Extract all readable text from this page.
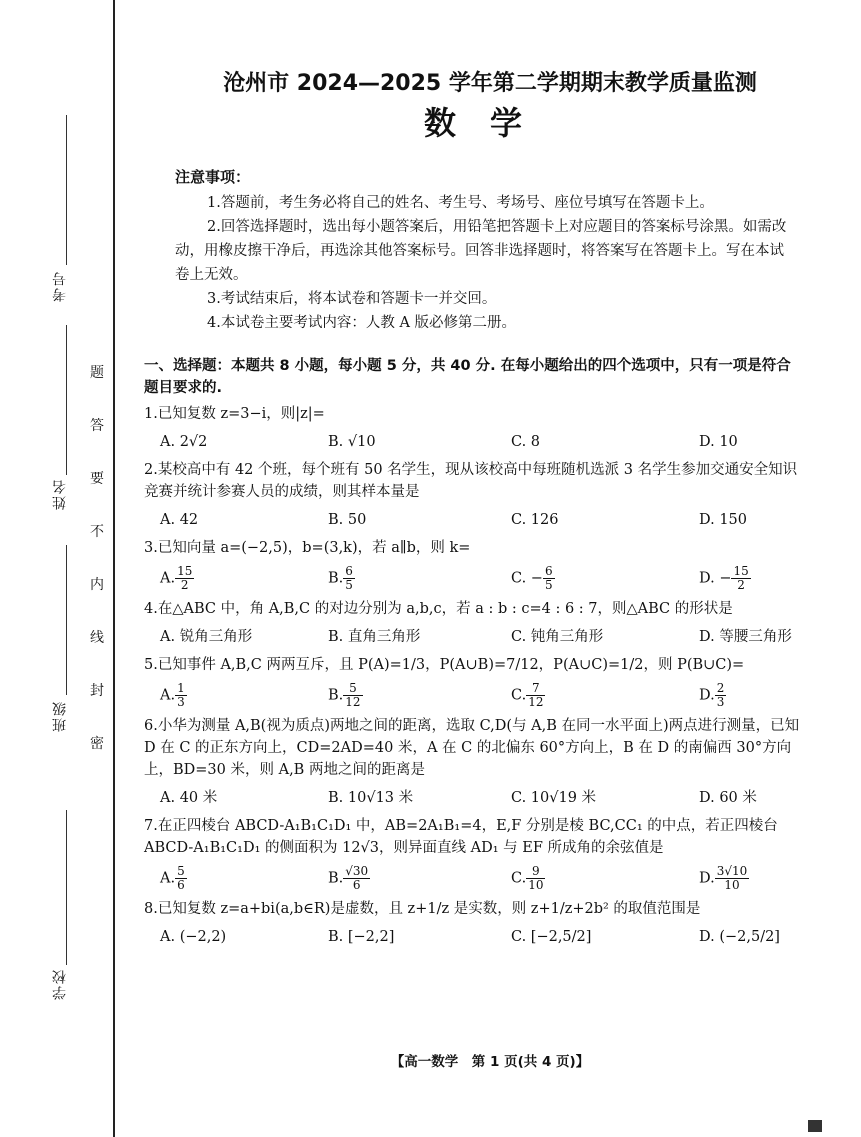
考号
姓名
班级
学校
题
答
要
不
内
线
封
密
沧州市 2024—2025 学年第二学期期末教学质量监测
数学
注意事项：

1.答题前，考生务必将自己的姓名、考生号、考场号、座位号填写在答题卡上。

2.回答选择题时，选出每小题答案后，用铅笔把答题卡上对应题目的答案标号涂黑。如需改动，用橡皮擦干净后，再选涂其他答案标号。回答非选择题时，将答案写在答题卡上。写在本试卷上无效。

3.考试结束后，将本试卷和答题卡一并交回。

4.本试卷主要考试内容：人教 A 版必修第二册。

一、选择题：本题共 8 小题，每小题 5 分，共 40 分. 在每小题给出的四个选项中，只有一项是符合题目要求的.
1.已知复数 z=3−i，则|z|=
A. 2√2	B. √10	C. 8	D. 10
2.某校高中有 42 个班，每个班有 50 名学生，现从该校高中每班随机选派 3 名学生参加交通安全知识竞赛并统计参赛人员的成绩，则其样本量是
A. 42	B. 50	C. 126	D. 150
3.已知向量 a=(−2,5)，b=(3,k)，若 a∥b，则 k=
A. $\frac{15}{2}$	B. $\frac{6}{5}$	C. − $\frac{6}{5}$	D. − $\frac{15}{2}$
4.在△ABC 中，角 A,B,C 的对边分别为 a,b,c，若 a : b : c=4 : 6 : 7，则△ABC 的形状是
A. 锐角三角形	B. 直角三角形	C. 钝角三角形	D. 等腰三角形
5.已知事件 A,B,C 两两互斥，且 P(A)=1/3，P(A∪B)=7/12，P(A∪C)=1/2，则 P(B∪C)=
A. $\frac{1}{3}$	B. $\frac{5}{12}$	C. $\frac{7}{12}$	D. $\frac{2}{3}$
6.小华为测量 A,B(视为质点)两地之间的距离，选取 C,D(与 A,B 在同一水平面上)两点进行测量，已知 D 在 C 的正东方向上，CD=2AD=40 米，A 在 C 的北偏东 60°方向上，B 在 D 的南偏西 30°方向上，BD=30 米，则 A,B 两地之间的距离是
A. 40 米	B. 10√13 米	C. 10√19 米	D. 60 米
7.在正四棱台 ABCD-A₁B₁C₁D₁ 中，AB=2A₁B₁=4，E,F 分别是棱 BC,CC₁ 的中点，若正四棱台 ABCD-A₁B₁C₁D₁ 的侧面积为 12√3，则异面直线 AD₁ 与 EF 所成角的余弦值是
A. $\frac{5}{6}$	B. $\frac{√30}{6}$	C. $\frac{9}{10}$	D. $\frac{3√10}{10}$
8.已知复数 z=a+bi(a,b∈R)是虚数，且 z+1/z 是实数，则 z+1/z+2b² 的取值范围是
A. (−2,2)	B. [−2,2]	C. [−2,5/2]	D. (−2,5/2]
【高一数学　第 1 页(共 4 页)】
